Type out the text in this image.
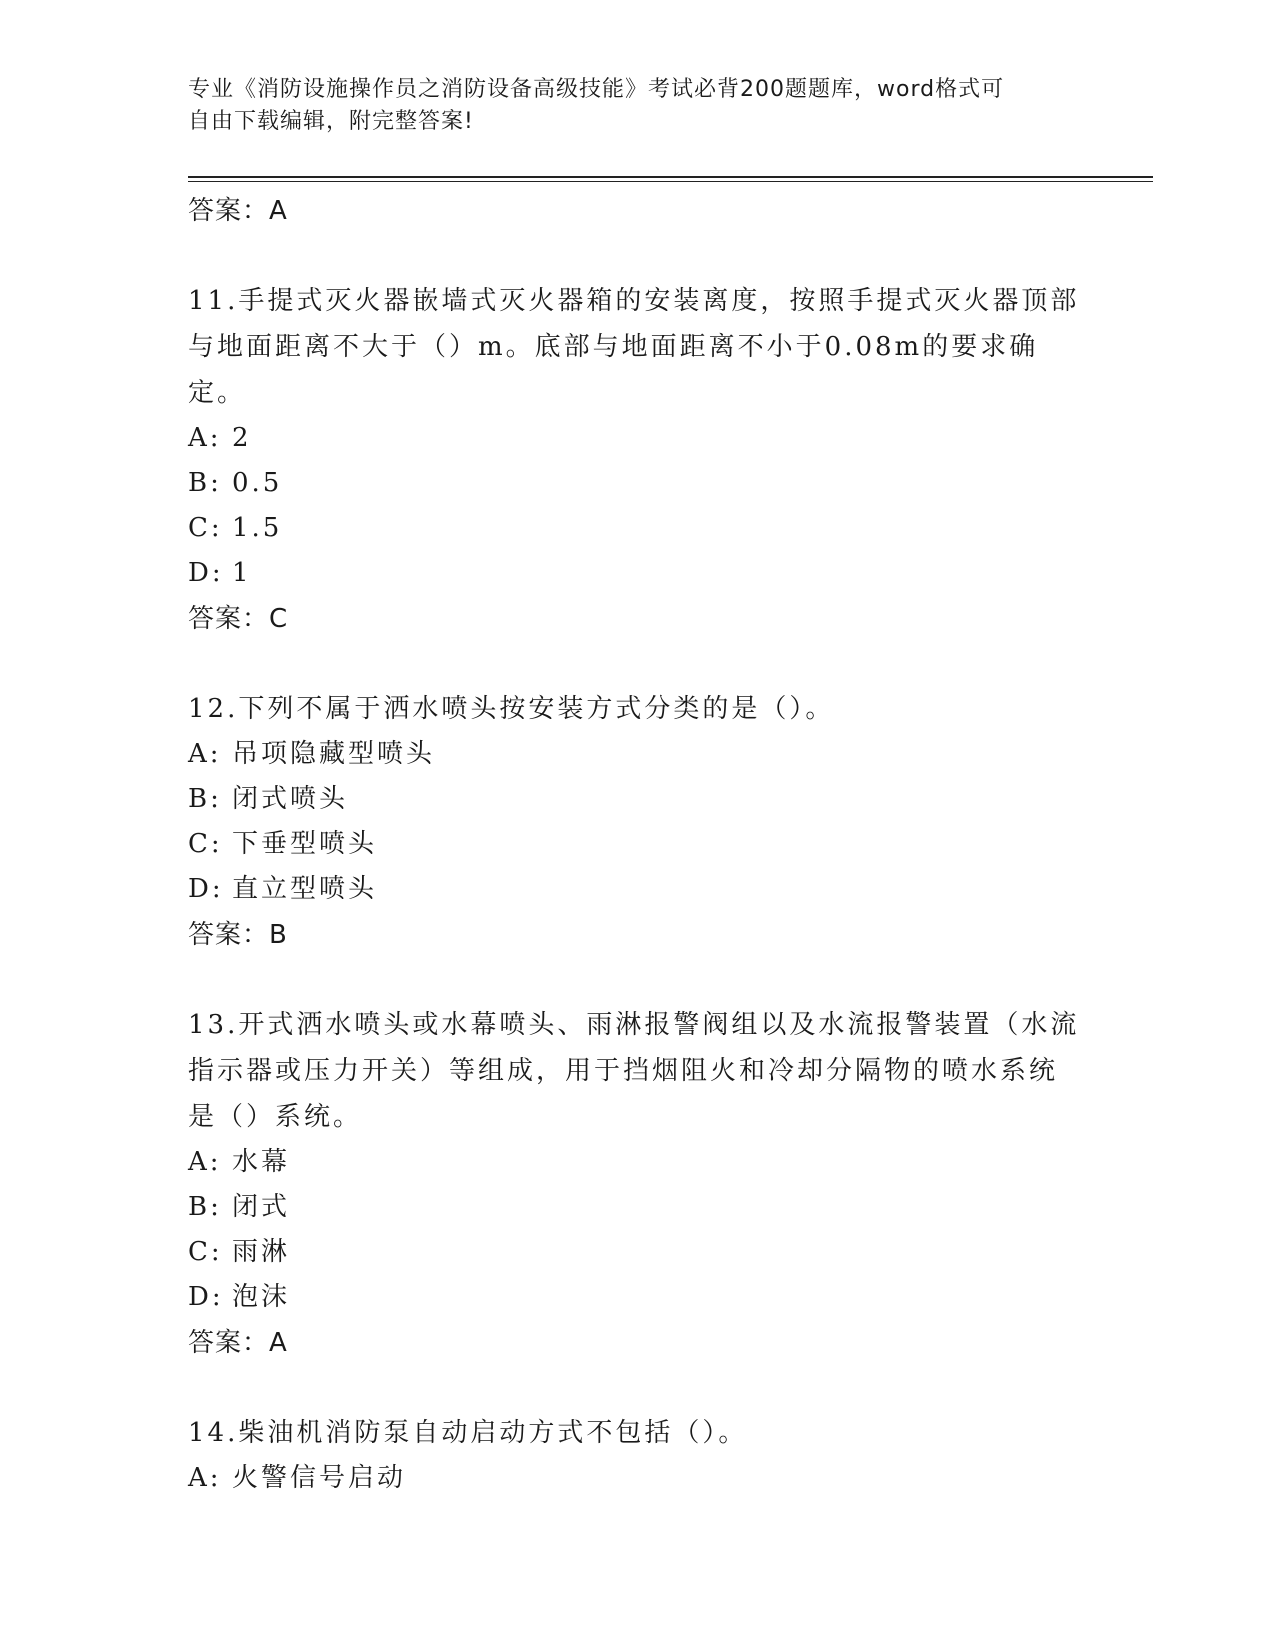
专业《消防设施操作员之消防设备高级技能》考试必背200题题库，word格式可
自由下载编辑，附完整答案!
答案：A
11.手提式灭火器嵌墙式灭火器箱的安装离度，按照手提式灭火器顶部
与地面距离不大于（）m。底部与地面距离不小于0.08m的要求确定。
A: 2
B: 0.5
C: 1.5
D: 1
答案：C
12.下列不属于洒水喷头按安装方式分类的是（）。
A: 吊项隐藏型喷头
B: 闭式喷头
C: 下垂型喷头
D: 直立型喷头
答案：B
13.开式洒水喷头或水幕喷头、雨淋报警阀组以及水流报警装置（水流
指示器或压力开关）等组成，用于挡烟阻火和冷却分隔物的喷水系统
是（）系统。
A: 水幕
B: 闭式
C: 雨淋
D: 泡沫
答案：A
14.柴油机消防泵自动启动方式不包括（）。
A: 火警信号启动
